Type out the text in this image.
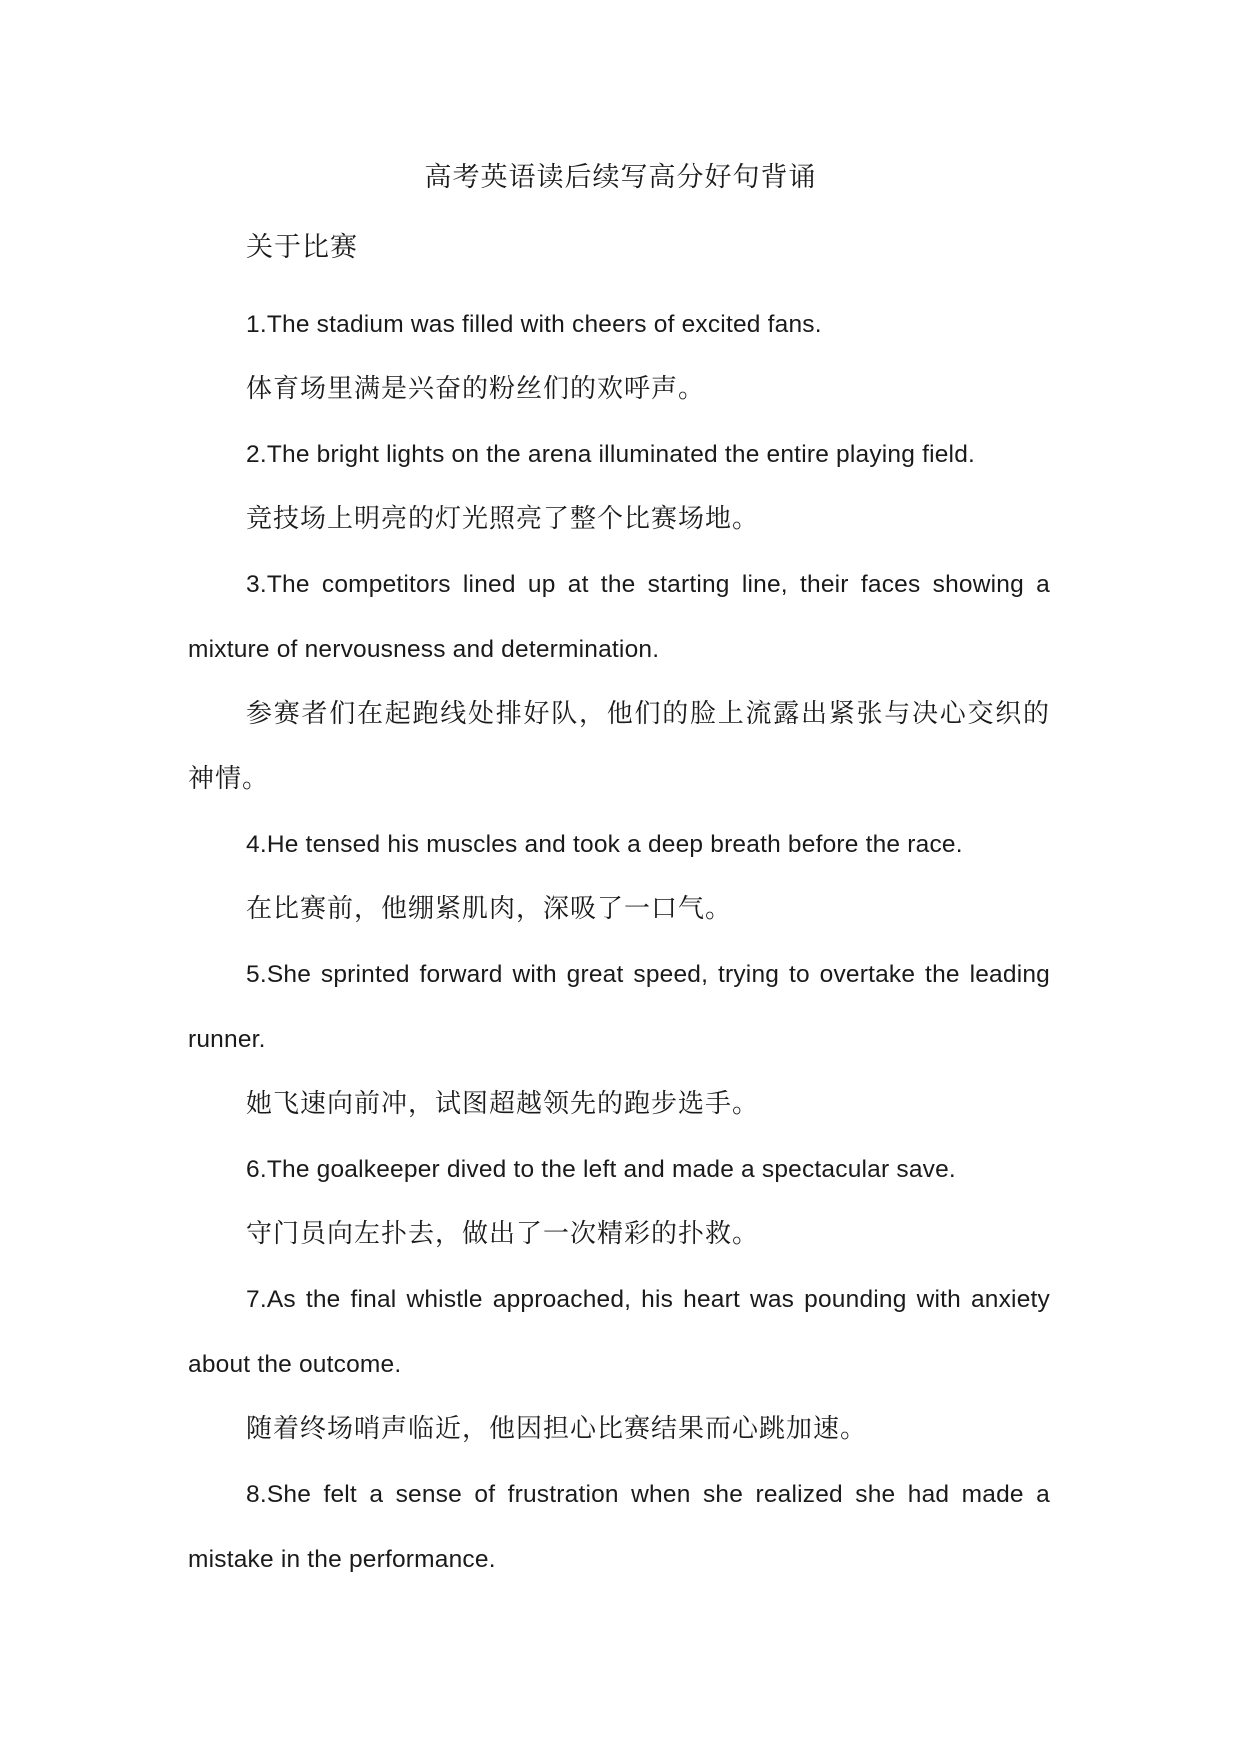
高考英语读后续写高分好句背诵
关于比赛

1.The stadium was filled with cheers of excited fans.

体育场里满是兴奋的粉丝们的欢呼声。

2.The bright lights on the arena illuminated the entire playing field.

竞技场上明亮的灯光照亮了整个比赛场地。

3.The competitors lined up at the starting line, their faces showing a mixture of nervousness and determination.

参赛者们在起跑线处排好队，他们的脸上流露出紧张与决心交织的神情。

4.He tensed his muscles and took a deep breath before the race.

在比赛前，他绷紧肌肉，深吸了一口气。

5.She sprinted forward with great speed, trying to overtake the leading runner.

她飞速向前冲，试图超越领先的跑步选手。

6.The goalkeeper dived to the left and made a spectacular save.

守门员向左扑去，做出了一次精彩的扑救。

7.As the final whistle approached, his heart was pounding with anxiety about the outcome.

随着终场哨声临近，他因担心比赛结果而心跳加速。

8.She felt a sense of frustration when she realized she had made a mistake in the performance.
